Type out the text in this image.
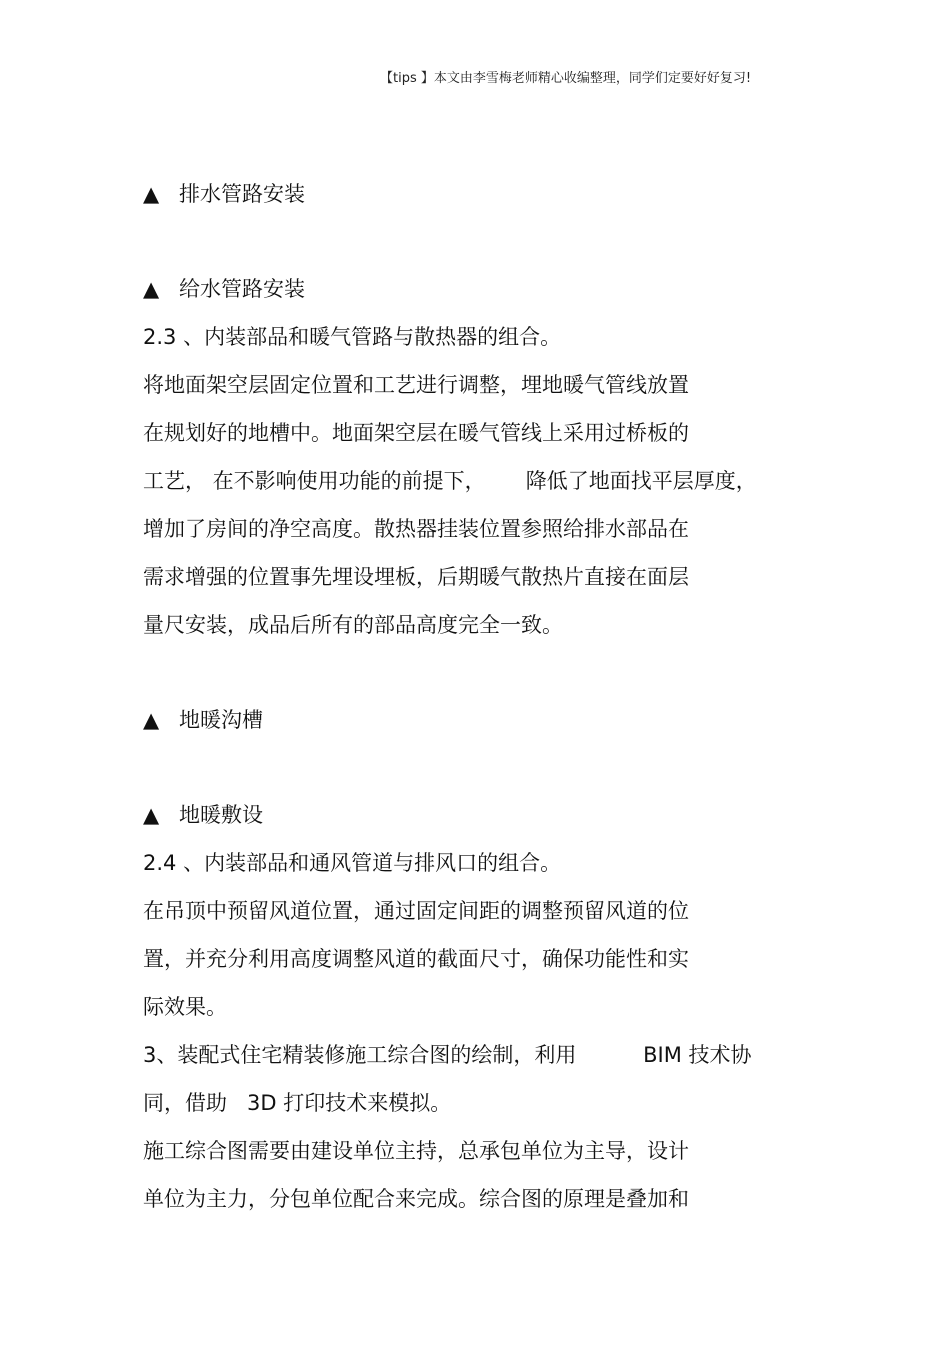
【tips 】本文由李雪梅老师精心收编整理，同学们定要好好复习!
▲ 排水管路安装
▲ 给水管路安装
2.3 、内装部品和暖气管路与散热器的组合。
将地面架空层固定位置和工艺进行调整，埋地暖气管线放置
在规划好的地槽中。地面架空层在暖气管线上采用过桥板的
工艺， 在不影响使用功能的前提下，      降低了地面找平层厚度，
增加了房间的净空高度。散热器挂装位置参照给排水部品在
需求增强的位置事先埋设埋板，后期暖气散热片直接在面层
量尺安装，成品后所有的部品高度完全一致。
▲ 地暖沟槽
▲ 地暖敷设
2.4 、内装部品和通风管道与排风口的组合。
在吊顶中预留风道位置，通过固定间距的调整预留风道的位
置，并充分利用高度调整风道的截面尺寸，确保功能性和实
际效果。
3、装配式住宅精装修施工综合图的绘制，利用          BIM 技术协
同，借助   3D 打印技术来模拟。
施工综合图需要由建设单位主持，总承包单位为主导，设计
单位为主力，分包单位配合来完成。综合图的原理是叠加和
